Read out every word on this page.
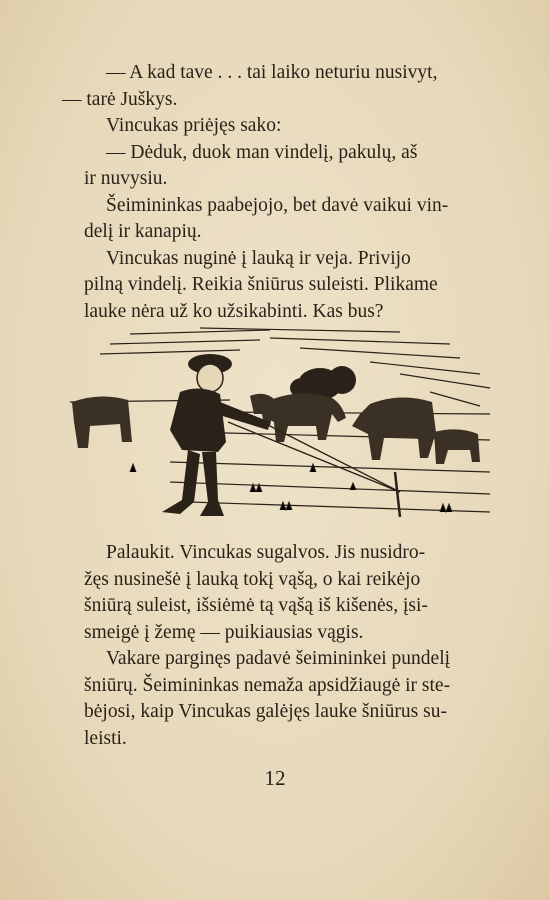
— A kad tave . . . tai laiko neturiu nusivyt,
— tarė Juškys.
Vincukas priėjęs sako:
— Dėduk, duok man vindelį, pakulų, aš
ir nuvysiu.
Šeimininkas paabejojo, bet davė vaikui vin-
delį ir kanapių.
Vincukas nuginė į lauką ir veja. Privijo
pilną vindelį. Reikia šniūrus suleisti. Plikame
lauke nėra už ko užsikabinti. Kas bus?
Palaukit. Vincukas sugalvos. Jis nusidro-
žęs nusinešė į lauką tokį vąšą, o kai reikėjo
šniūrą suleist, išsiėmė tą vąšą iš kišenės, įsi-
smeigė į žemę — puikiausias vągis.
Vakare parginęs padavė šeimininkei pundelį
šniūrų. Šeimininkas nemaža apsidžiaugė ir ste-
bėjosi, kaip Vincukas galėjęs lauke šniūrus su-
leisti.
12
